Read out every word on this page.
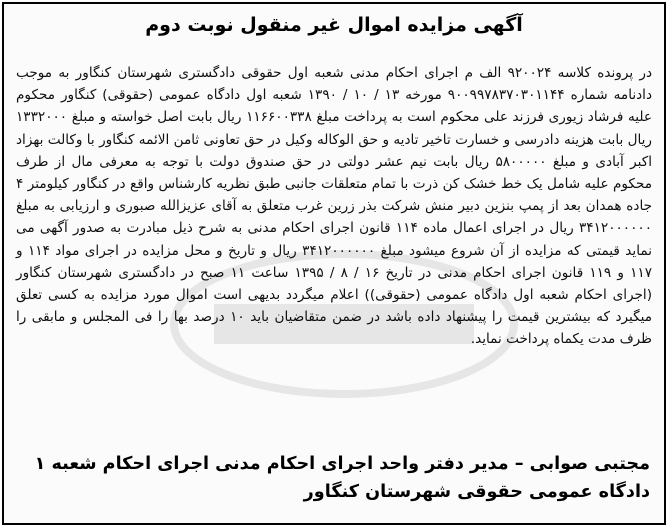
آگهی مزایده اموال غیر منقول نوبت دوم

در پرونده کلاسه ۹۲۰۰۲۴ الف م اجرای احکام مدنی شعبه اول حقوقی دادگستری شهرستان کنگاور به موجب دادنامه شماره ۹۰۰۹۹۷۸۳۷۰۳۰۱۱۴۴ مورخه ۱۳ / ۱۰ / ۱۳۹۰ شعبه اول دادگاه عمومی (حقوقی) کنگاور محکوم علیه فرشاد زیوری فرزند علی محکوم است به پرداخت مبلغ ۱۱۶۶۰۰۳۳۸ ریال بابت اصل خواسته و مبلغ ۱۳۳۲۰۰۰ ریال بابت هزینه دادرسی و خسارت تاخیر تادیه و حق الوکاله وکیل در حق تعاونی ثامن الائمه کنگاور با وکالت بهزاد اکبر آبادی و مبلغ ۵۸۰۰۰۰۰ ریال بابت نیم عشر دولتی در حق صندوق دولت با توجه به معرفی مال از طرف محکوم علیه شامل یک خط خشک کن ذرت با تمام متعلقات جانبی طبق نظریه کارشناس واقع در کنگاور کیلومتر ۴ جاده همدان بعد از پمپ بنزین دبیر منش شرکت بذر زرین غرب متعلق به آقای عزیزالله صبوری و ارزیابی به مبلغ ۳۴۱۲۰۰۰۰۰۰ ریال در اجرای اعمال ماده ۱۱۴ قانون اجرای احکام مدنی به شرح ذیل مبادرت به صدور آگهی می نماید قیمتی که مزایده از آن شروع میشود مبلغ ۳۴۱۲۰۰۰۰۰۰ ریال و تاریخ و محل مزایده در اجرای مواد ۱۱۴ و ۱۱۷ و ۱۱۹ قانون اجرای احکام مدنی در تاریخ ۱۶ / ۸ / ۱۳۹۵ ساعت ۱۱ صبح در دادگستری شهرستان کنگاور (اجرای احکام شعبه اول دادگاه عمومی (حقوقی)) اعلام میگردد بدیهی است اموال مورد مزایده به کسی تعلق میگیرد که بیشترین قیمت را پیشنهاد داده باشد در ضمن متقاضیان باید ۱۰ درصد بها را فی المجلس و مابقی را ظرف مدت یکماه پرداخت نماید.

مجتبی صوابی – مدیر دفتر واحد اجرای احکام مدنی اجرای احکام شعبه ۱
دادگاه عمومی حقوقی شهرستان کنگاور
